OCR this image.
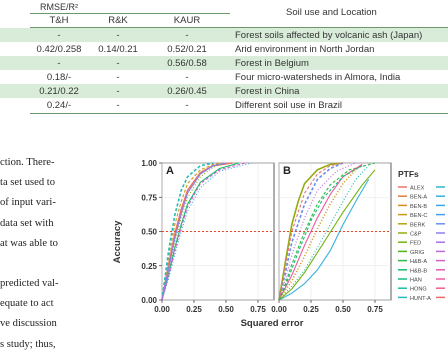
RMSE/R²	Soil use and Location
T&H	R&K	KAUR
-	-	-	Forest soils affected by volcanic ash (Japan)
0.42/0.258	0.14/0.21	0.52/0.21	Arid environment in North Jordan
-	-	0.56/0.58	Forest in Belgium
0.18/-	-	-	Four micro-watersheds in Almora, India
0.21/0.22	-	0.26/0.45	Forest in China
0.24/-	-	-	Different soil use in Brazil
ction. There-
ta set used to
of input vari-
data set with
at was able to
predicted val-
equate to act
ve discussion
s study; thus,
A
0.00
0.25
0.50
0.75
1.00
0.00 0.25 0.50 0.75
B
0.00 0.25 0.50 0.75
Accuracy
Squared error
PTFs
ALEX
BEN-A
BEN-B
BEN-C
BERK
C&P
FED
GRIG
H&B-A
H&B-B
HAN
HONG
HUNT-A
